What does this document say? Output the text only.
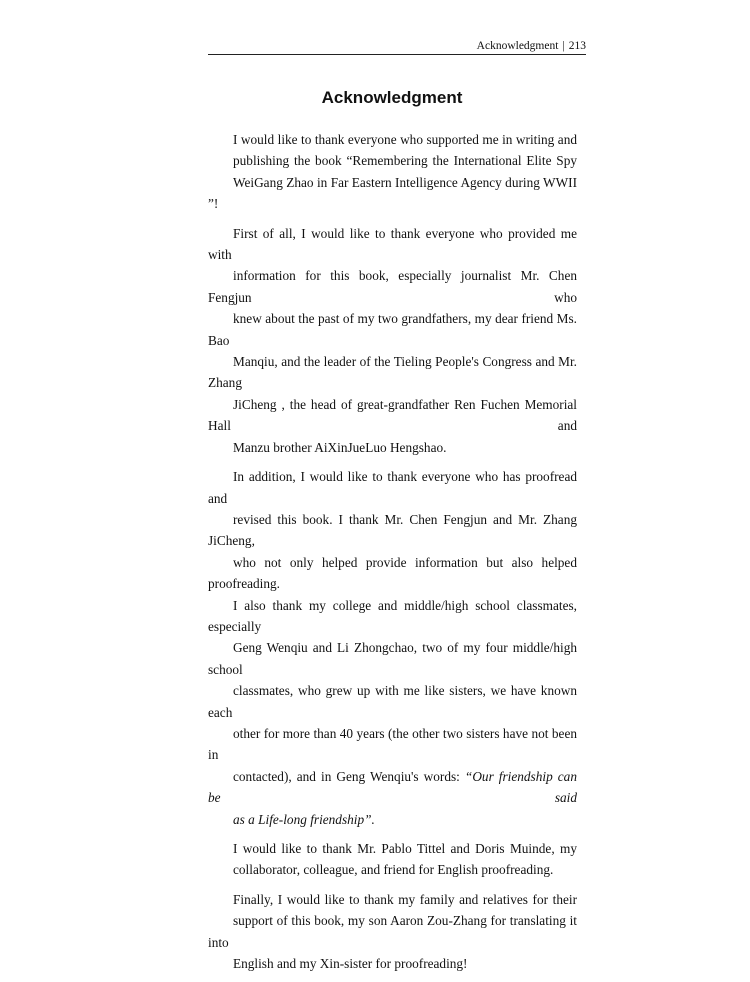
Acknowledgment | 213
Acknowledgment

I would like to thank everyone who supported me in writing and
publishing the book “Remembering the International Elite Spy
WeiGang Zhao in Far Eastern Intelligence Agency during WWII ”!

First of all, I would like to thank everyone who provided me with
information for this book, especially journalist Mr. Chen Fengjun who
knew about the past of my two grandfathers, my dear friend Ms. Bao
Manqiu, and the leader of the Tieling People's Congress and Mr. Zhang
JiCheng , the head of great-grandfather Ren Fuchen Memorial Hall and
Manzu brother AiXinJueLuo Hengshao.

In addition, I would like to thank everyone who has proofread and
revised this book. I thank Mr. Chen Fengjun and Mr. Zhang JiCheng,
who not only helped provide information but also helped proofreading.
I also thank my college and middle/high school classmates, especially
Geng Wenqiu and Li Zhongchao, two of my four middle/high school
classmates, who grew up with me like sisters, we have known each
other for more than 40 years (the other two sisters have not been in
contacted), and in Geng Wenqiu's words: “Our friendship can be said
as a Life-long friendship”.

I would like to thank Mr. Pablo Tittel and Doris Muinde, my
collaborator, colleague, and friend for English proofreading.

Finally, I would like to thank my family and relatives for their
support of this book, my son Aaron Zou-Zhang for translating it into
English and my Xin-sister for proofreading!
